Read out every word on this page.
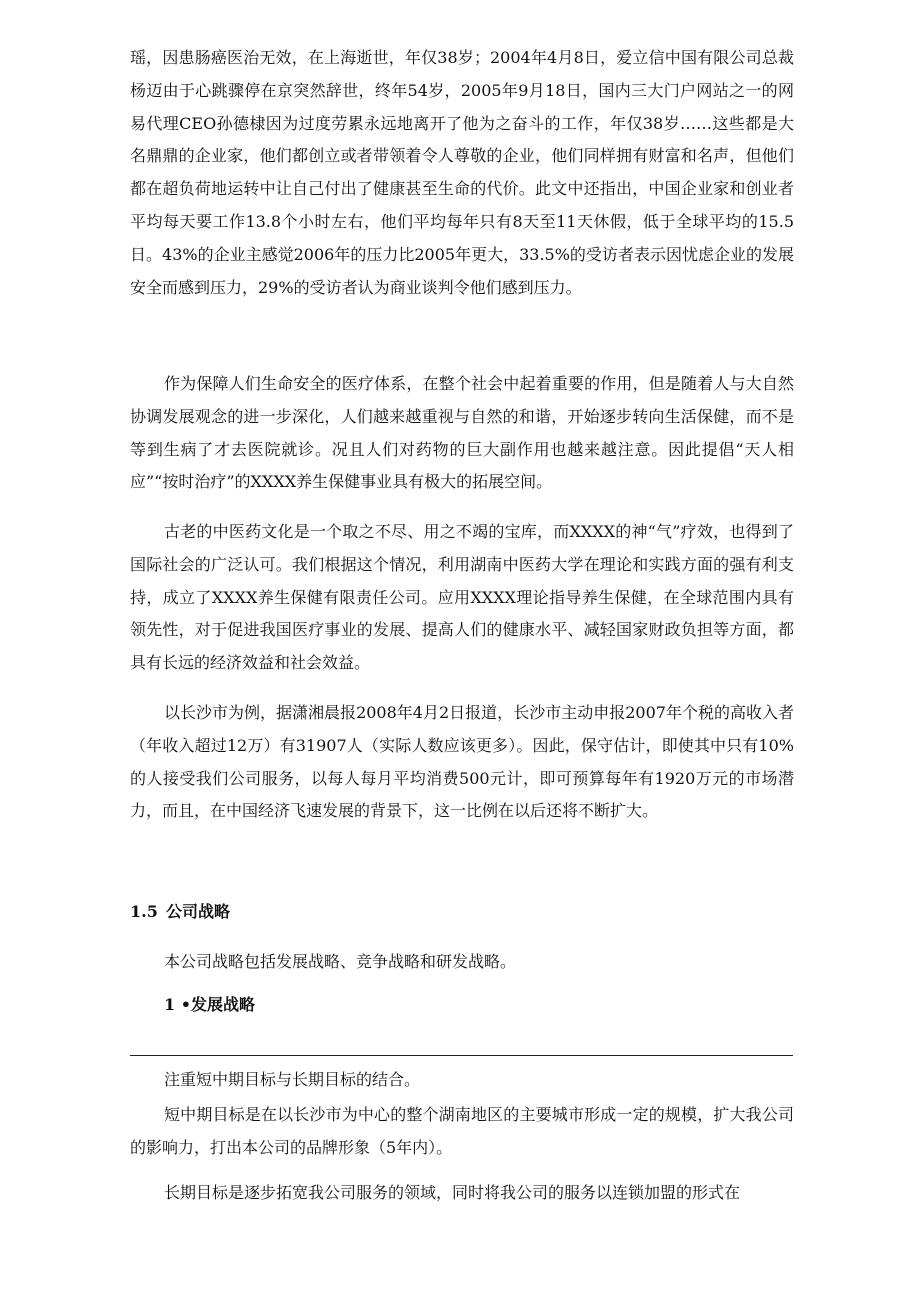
瑶，因患肠癌医治无效，在上海逝世，年仅38岁；2004年4月8日，爱立信中国有限公司总裁杨迈由于心跳骤停在京突然辞世，终年54岁，2005年9月18日，国内三大门户网站之一的网易代理CEO孙德棣因为过度劳累永远地离开了他为之奋斗的工作，年仅38岁……这些都是大名鼎鼎的企业家，他们都创立或者带领着令人尊敬的企业，他们同样拥有财富和名声，但他们都在超负荷地运转中让自己付出了健康甚至生命的代价。此文中还指出，中国企业家和创业者平均每天要工作13.8个小时左右，他们平均每年只有8天至11天休假，低于全球平均的15.5日。43%的企业主感觉2006年的压力比2005年更大，33.5%的受访者表示因忧虑企业的发展安全而感到压力，29%的受访者认为商业谈判令他们感到压力。

作为保障人们生命安全的医疗体系，在整个社会中起着重要的作用，但是随着人与大自然协调发展观念的进一步深化，人们越来越重视与自然的和谐，开始逐步转向生活保健，而不是等到生病了才去医院就诊。况且人们对药物的巨大副作用也越来越注意。因此提倡“天人相应”“按时治疗”的XXXX养生保健事业具有极大的拓展空间。

古老的中医药文化是一个取之不尽、用之不竭的宝库，而XXXX的神“气”疗效，也得到了国际社会的广泛认可。我们根据这个情况，利用湖南中医药大学在理论和实践方面的强有利支持，成立了XXXX养生保健有限责任公司。应用XXXX理论指导养生保健，在全球范围内具有领先性，对于促进我国医疗事业的发展、提高人们的健康水平、减轻国家财政负担等方面，都具有长远的经济效益和社会效益。

以长沙市为例，据潇湘晨报2008年4月2日报道，长沙市主动申报2007年个税的高收入者（年收入超过12万）有31907人（实际人数应该更多）。因此，保守估计，即使其中只有10%的人接受我们公司服务，以每人每月平均消费500元计，即可预算每年有1920万元的市场潜力，而且，在中国经济飞速发展的背景下，这一比例在以后还将不断扩大。

1.5 公司战略

本公司战略包括发展战略、竞争战略和研发战略。

1 •发展战略

注重短中期目标与长期目标的结合。

短中期目标是在以长沙市为中心的整个湖南地区的主要城市形成一定的规模，扩大我公司的影响力，打出本公司的品牌形象（5年内）。

长期目标是逐步拓宽我公司服务的领域，同时将我公司的服务以连锁加盟的形式在
